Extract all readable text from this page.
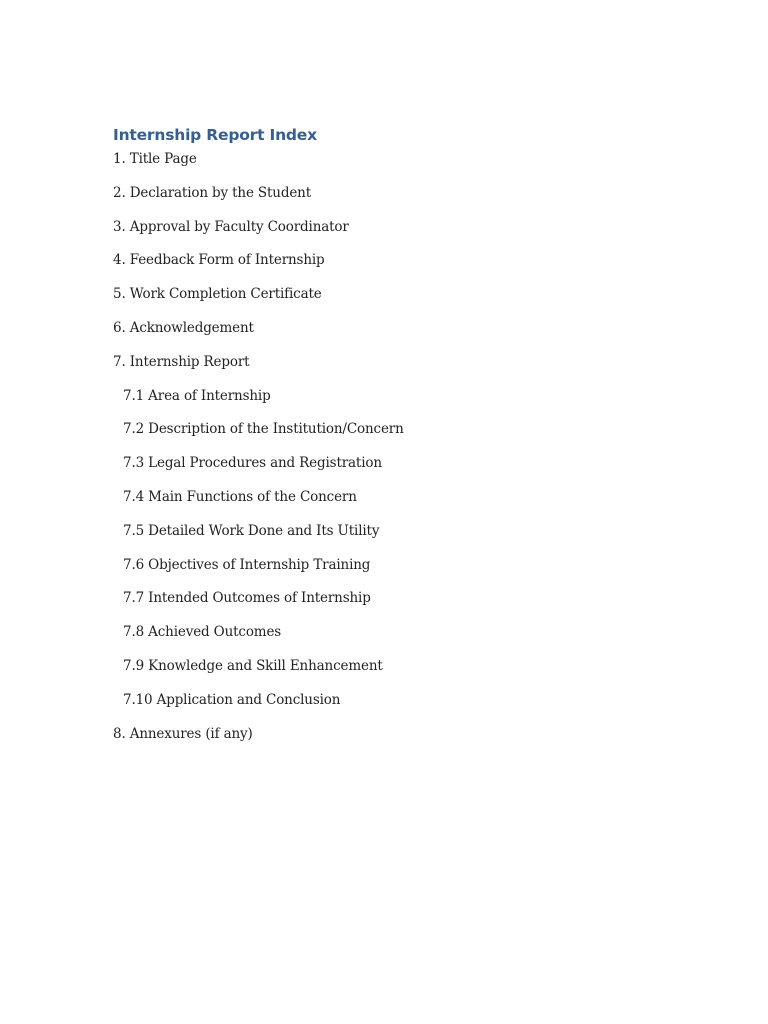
Internship Report Index
1. Title Page
2. Declaration by the Student
3. Approval by Faculty Coordinator
4. Feedback Form of Internship
5. Work Completion Certificate
6. Acknowledgement
7. Internship Report
7.1 Area of Internship
7.2 Description of the Institution/Concern
7.3 Legal Procedures and Registration
7.4 Main Functions of the Concern
7.5 Detailed Work Done and Its Utility
7.6 Objectives of Internship Training
7.7 Intended Outcomes of Internship
7.8 Achieved Outcomes
7.9 Knowledge and Skill Enhancement
7.10 Application and Conclusion
8. Annexures (if any)
